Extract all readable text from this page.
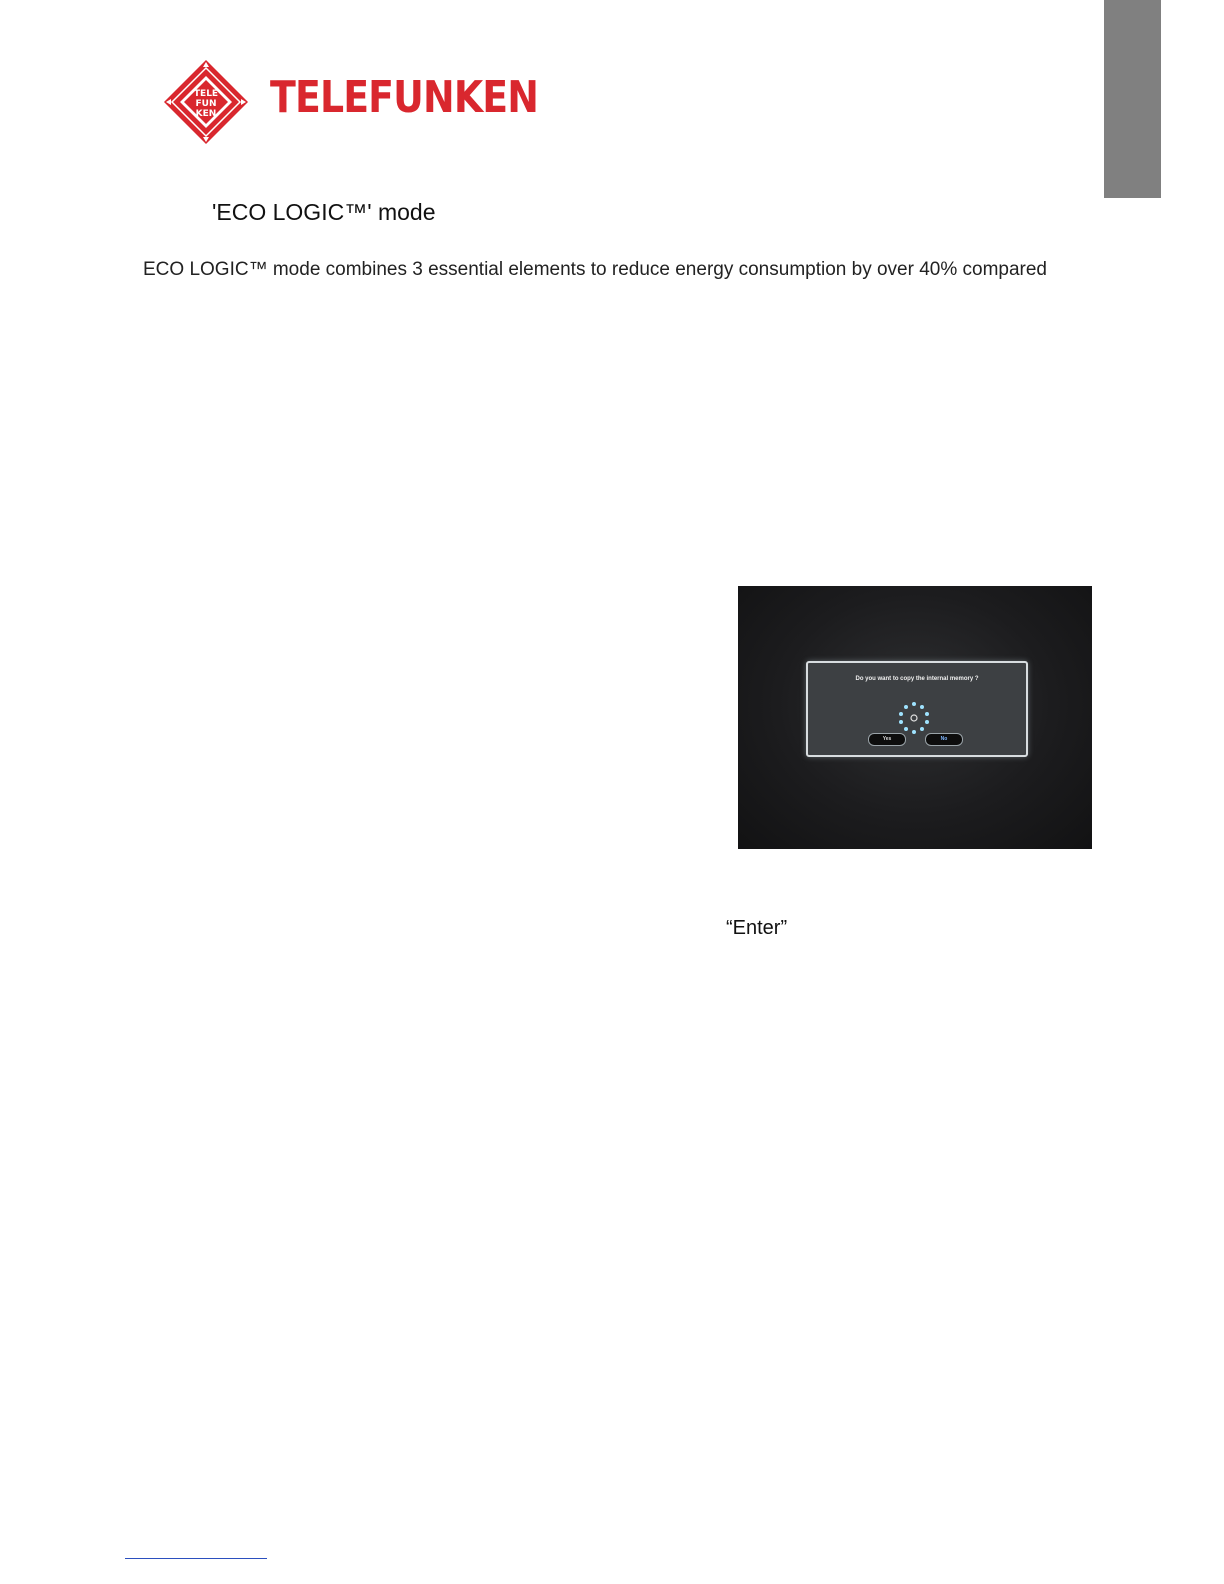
TELE
FUN
KEN TELEFUNKEN
'ECO LOGIC™' mode
ECO LOGIC™ mode combines 3 essential elements to reduce energy consumption by over 40% compared
Do you want to copy the internal memory ?
Yes	No
“Enter”
